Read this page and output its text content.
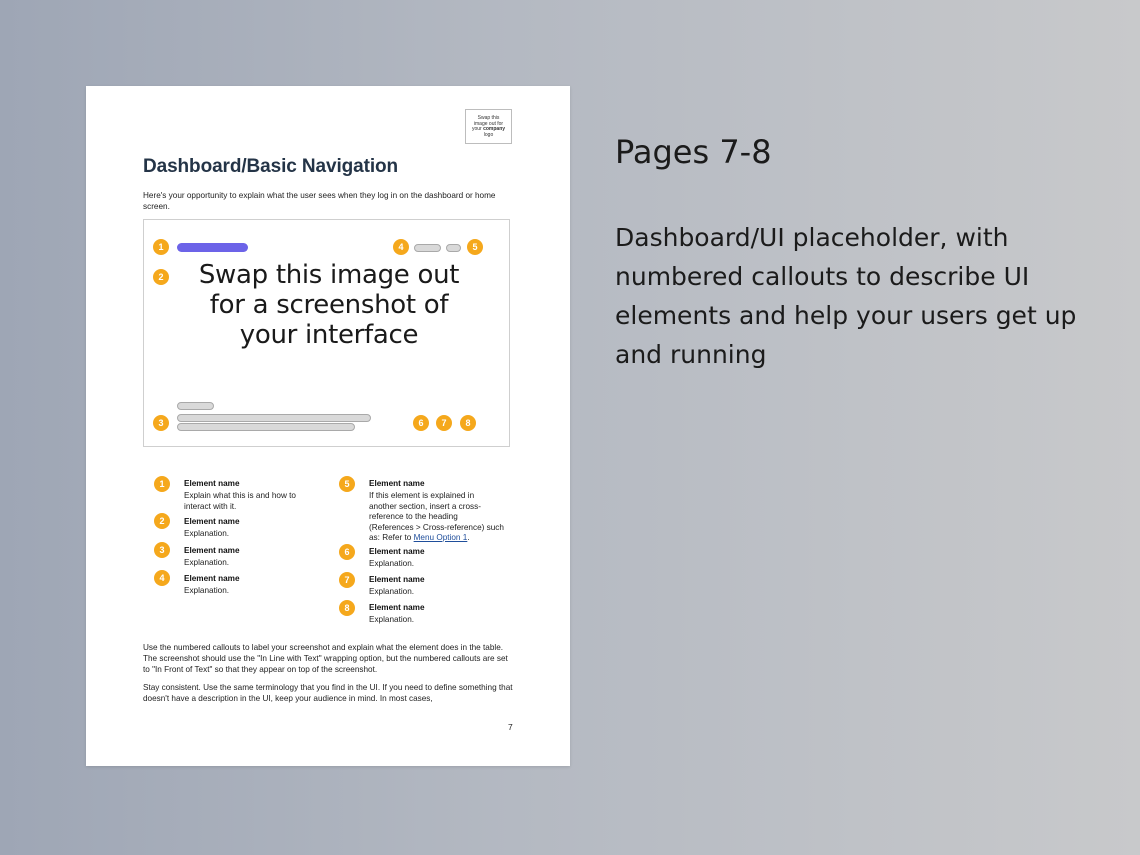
Swap this
image out for
your company
logo
Dashboard/Basic Navigation

Here's your opportunity to explain what the user sees when they log in on the dashboard or home screen.

1	4	5
2	Swap this image out for a screenshot of your interface
3	6	7	8
1	Element name
Explain what this is and how to interact with it.
2	Element name
Explanation.
3	Element name
Explanation.
4	Element name
Explanation.
5	Element name
If this element is explained in another section, insert a cross-reference to the heading (References > Cross-reference) such as: Refer to Menu Option 1.
6	Element name
Explanation.
7	Element name
Explanation.
8	Element name
Explanation.

Use the numbered callouts to label your screenshot and explain what the element does in the table. The screenshot should use the "In Line with Text" wrapping option, but the numbered callouts are set to "In Front of Text" so that they appear on top of the screenshot.

Stay consistent. Use the same terminology that you find in the UI. If you need to define something that doesn't have a description in the UI, keep your audience in mind. In most cases,

7
Pages 7-8

Dashboard/UI placeholder, with numbered callouts to describe UI elements and help your users get up and running
